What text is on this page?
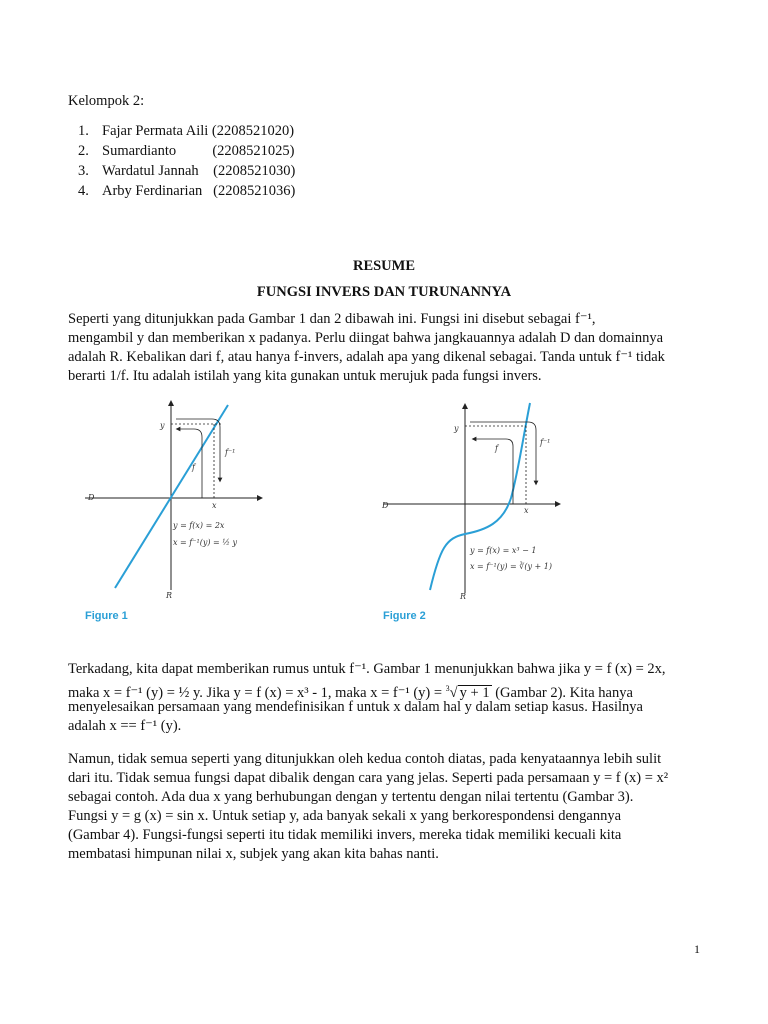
Kelompok 2:
1. Fajar Permata Aili (2208521020)
2. Sumardianto          (2208521025)
3. Wardatul Jannah    (2208521030)
4. Arby Ferdinarian   (2208521036)
RESUME
FUNGSI INVERS DAN TURUNANNYA

Seperti yang ditunjukkan pada Gambar 1 dan 2 dibawah ini. Fungsi ini disebut sebagai f⁻¹,
mengambil y dan memberikan x padanya. Perlu diingat bahwa jangkauannya adalah D dan domainnya
adalah R. Kebalikan dari f, atau hanya f-invers, adalah apa yang dikenal sebagai. Tanda untuk f⁻¹ tidak
berarti 1/f. Itu adalah istilah yang kita gunakan untuk merujuk pada fungsi invers.

y
x
D
R
f
f⁻¹
y = f(x) = 2x
x = f⁻¹(y) = ½ y
Figure 1
y
x
D
R
f
f⁻¹
y = f(x) = x³ − 1
x = f⁻¹(y) = ∛(y + 1)
Figure 2

Terkadang, kita dapat memberikan rumus untuk f⁻¹. Gambar 1 menunjukkan bahwa jika y = f (x) = 2x,
maka x = f⁻¹ (y) = ½ y. Jika y = f (x) = x³ - 1, maka x = f⁻¹ (y) = $^3$√ y + 1 (Gambar 2). Kita hanya
menyelesaikan persamaan yang mendefinisikan f untuk x dalam hal y dalam setiap kasus. Hasilnya
adalah x == f⁻¹ (y).

Namun, tidak semua seperti yang ditunjukkan oleh kedua contoh diatas, pada kenyataannya lebih sulit
dari itu. Tidak semua fungsi dapat dibalik dengan cara yang jelas. Seperti pada persamaan y = f (x) = x²
sebagai contoh. Ada dua x yang berhubungan dengan y tertentu dengan nilai tertentu (Gambar 3).
Fungsi y = g (x) = sin x. Untuk setiap y, ada banyak sekali x yang berkorespondensi dengannya
(Gambar 4). Fungsi-fungsi seperti itu tidak memiliki invers, mereka tidak memiliki kecuali kita
membatasi himpunan nilai x, subjek yang akan kita bahas nanti.

1
